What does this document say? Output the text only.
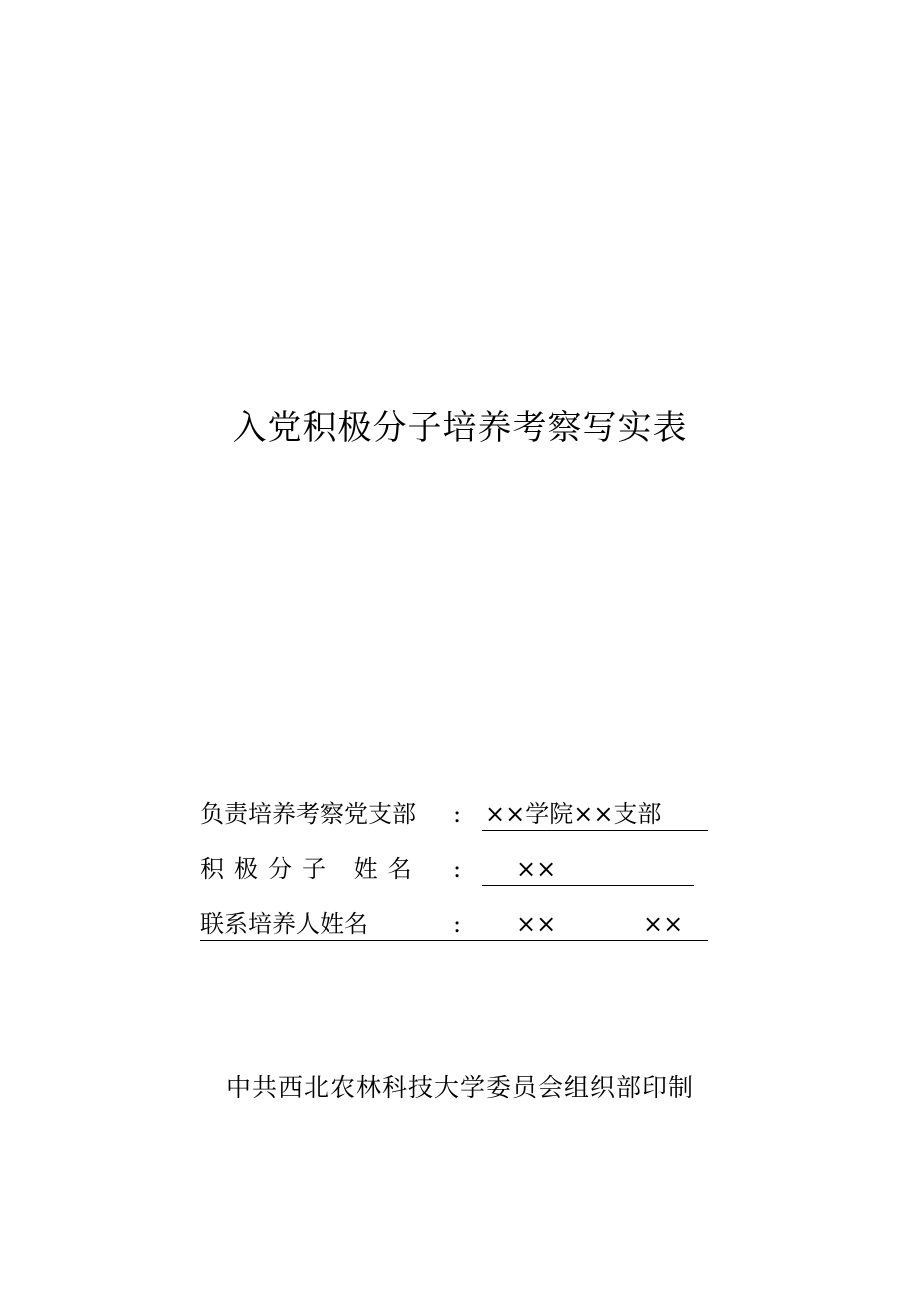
入党积极分子培养考察写实表
负责培养考察党支部 : ××学院××支部
积极分子 姓名 : ××
联系培养人姓名	: ××	××
中共西北农林科技大学委员会组织部印制
